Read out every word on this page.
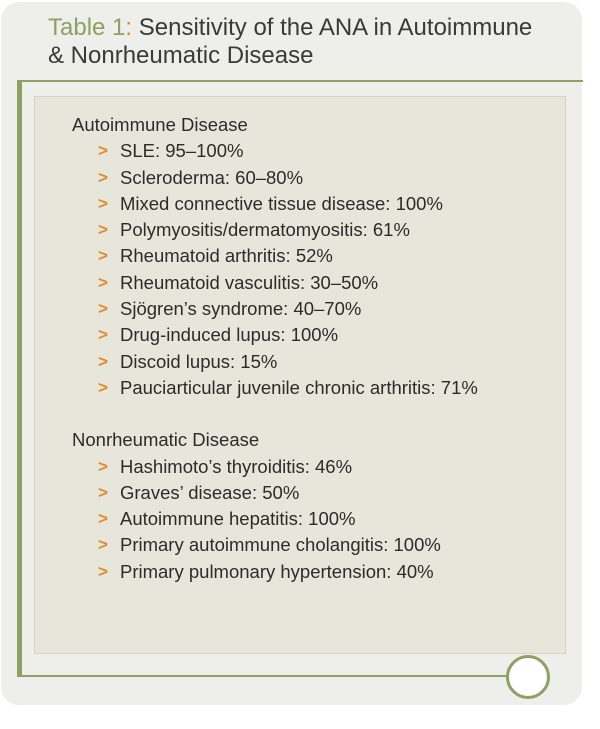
Table 1: Sensitivity of the ANA in Autoimmune
& Nonrheumatic Disease

Autoimmune Disease

> SLE: 95–100%
> Scleroderma: 60–80%
> Mixed connective tissue disease: 100%
> Polymyositis/dermatomyositis: 61%
> Rheumatoid arthritis: 52%
> Rheumatoid vasculitis: 30–50%
> Sjögren’s syndrome: 40–70%
> Drug-induced lupus: 100%
> Discoid lupus: 15%
> Pauciarticular juvenile chronic arthritis: 71%

Nonrheumatic Disease

> Hashimoto’s thyroiditis: 46%
> Graves’ disease: 50%
> Autoimmune hepatitis: 100%
> Primary autoimmune cholangitis: 100%
> Primary pulmonary hypertension: 40%
